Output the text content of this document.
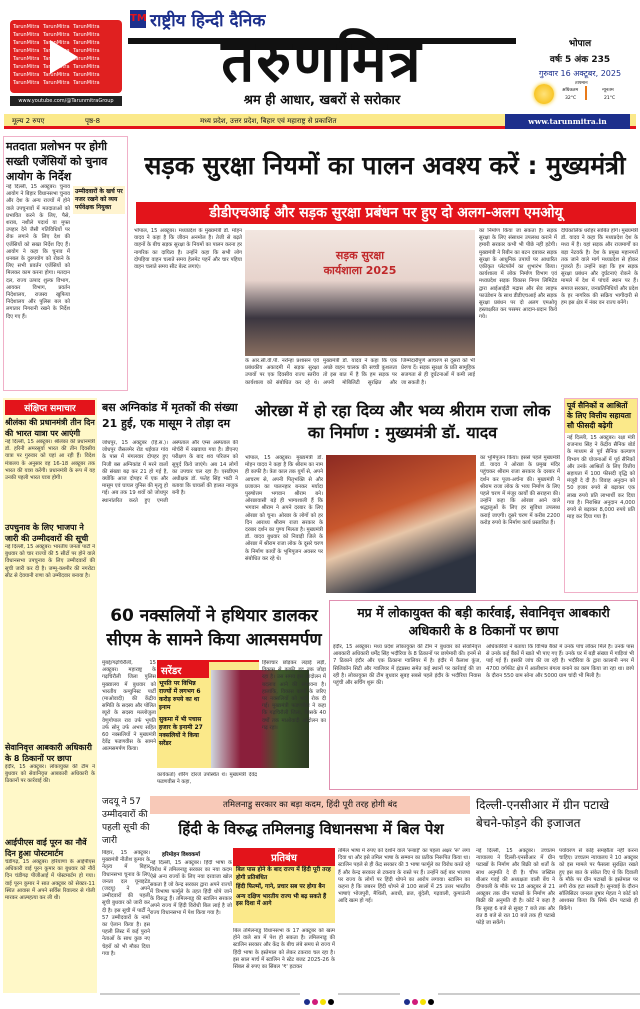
TarunMitra TarunMitra TarunMitra TarunMitra TarunMitra TarunMitra TarunMitra TarunMitra TarunMitra TarunMitra TarunMitra TarunMitra TarunMitra TarunMitra TarunMitra TarunMitra TarunMitra TarunMitra TarunMitra TarunMitra TarunMitra TarunMitra TarunMitra TarunMitra
www.youtube.com/@TarunmitraGroup
TM राष्ट्रीय हिन्दी दैनिक
तरुणमित्र
श्रम ही आधार, खबरों से सरोकार
भोपाल
वर्षः 5 अंक 235
गुरुवार 16 अक्टूबर, 2025
तापमान
अधिकतम
32°C
न्यूनतम
21°C
मूल्य 2 रुपए	पृष्ठ-8	मध्य प्रदेश, उत्तर प्रदेश, बिहार एवं महाराष्ट्र से प्रकाशित	www.tarunmitra.in
मतदाता प्रलोभन पर होगी सख्ती एजेंसियों को चुनाव आयोग के निर्देश
उम्मीदवारों के खर्च पर नजर रखने को व्यय पर्यवेक्षक नियुक्त
नई दिल्ली, 15 अक्टूबर। चुनाव आयोग ने बिहार विधानसभा चुनाव और देश के अन्य राज्यों में होने वाले उपचुनावों में मतदाताओं को प्रभावित करने के लिए, पैसे, शराब, नशीले पदार्थ या मुफ्त उपहार देने जैसी गतिविधियों पर रोक लगाने के लिए देश की एजेंसियों को सख्त निर्देश दिए हैं। आयोग ने कहा कि चुनाव में धनबल के दुरुपयोग को रोकने के लिए सभी प्रवर्तन एजेंसियों को मिलकर काम करना होगा। मतदान दल, राज्य उत्पाद शुल्क विभाग, आयकर विभाग, प्रवर्तन निदेशालय, राजस्व खुफिया निदेशालय और पुलिस बल को लगातार निगरानी रखने के निर्देश दिए गए हैं।
सड़क सुरक्षा नियमों का पालन अवश्य करें : मुख्यमंत्री
डीडीएचआई और सड़क सुरक्षा प्रबंधन पर हुए दो अलग-अलग एमओयू
भोपाल, 15 अक्टूबर। मध्यप्रदेश के मुख्यमंत्री डॉ. मोहन यादव ने कहा है कि जीवन अनमोल है। तेजी से बढ़ते वाहनों के बीच सड़क सुरक्षा के नियमों का पालन करना हर नागरिक का दायित्व है। उन्होंने कहा कि सभी लोग दोपहिया वाहन चलाते समय हेलमेट पहनें और चार पहिया वाहन चलाते समय सीट बेल्ट लगाएं।
सड़क सुरक्षा कार्यशाला 2025
के आर.सी.वी.पी. नरोन्हा प्रशासन एवं प्रबंधकीय अकादमी में सड़क सुरक्षा उपायों पर एक दिवसीय राज्य स्तरीय कार्यशाला को संबोधित कर रहे थे। मुख्यमंत्री डॉ. यादव ने कहा कि एक अच्छे वाहन चालक की सच्ची कुशलता तो इस बात में है कि हम सड़क पर अपनी मोबिलिटी सुरक्षित और जिम्मेदारीपूर्ण आचरण से दूसरों को भी प्रेरणा दें। सड़क सुरक्षा के प्रति सामूहिक सजगता से ही दुर्घटनाओं में कमी लाई जा सकती है।
का निर्माण किया जा सकता है। सड़क सुरक्षा के लिए संसाधन उपलब्ध कराने में हमारी सरकार कभी भी पीछे नहीं हटेगी। मुख्यमंत्री ने रिबीन का बटन दबाकर सड़क सुरक्षा के आधुनिक उपायों पर आधारित एकीकृत प्लेटफॉर्म का शुभारंभ किया। कार्यशाला में लोक निर्माण विभाग एवं मध्यप्रदेश सड़क विकास निगम लिमिटेड द्वारा आईआईटी मद्रास और सेव लाइफ फाउंडेशन के साथ डीडीएचआई और सड़क सुरक्षा प्रबंधन पर दो अलग एमओयू हस्ताक्षरित कर परस्पर आदान-प्रदान किये गये।
दीर्घकालिक धरोहर साबित होंगे। मुख्यमंत्री डॉ. यादव ने कहा कि मध्यप्रदेश देश के मध्य में है। यहां सड़क और राजमार्गों का बड़ा नेटवर्क है। देश के प्रमुख महानगरों तक जाने वाले मार्ग मध्यप्रदेश से होकर गुजरते हैं। उन्होंने कहा कि हम सड़क सुरक्षा प्रबंधन और दुर्घटनाएं रोकने के मामले में देश में पांचवें स्थान पर हैं। समाज सरकार, जनप्रतिनिधियों और प्रदेश के हर नागरिक की सक्रिय भागीदारी से हम इस क्षेत्र में नंबर वन राज्य बनेंगे।
संक्षिप्त समाचार
श्रीलंका की प्रधानमंत्री तीन दिन की भारत यात्रा पर आएंगी
नई दिल्ली, 15 अक्टूबर। श्रीलंका की प्रधानमंत्री डॉ. हरिनी अमरसूर्या भारत की तीन दिवसीय यात्रा पर गुरुवार को यहां आ रही हैं। विदेश मंत्रालय के अनुसार वह 16-18 अक्टूबर तक भारत की यात्रा करेंगी। प्रधानमंत्री के रूप में यह उनकी पहली भारत यात्रा होगी।
उपचुनाव के लिए भाजपा ने जारी की उम्मीदवारों की सूची
नई दिल्ली, 15 अक्टूबर। भारतीय जनता पार्टी ने बुधवार को चार राज्यों की 5 सीटों पर होने वाले विधानसभा उपचुनाव के लिए उम्मीदवारों की सूची जारी कर दी है। जम्मू-कश्मीर की नगरोटा सीट से देवयानी राणा को उम्मीदवार बनाया है।
सेवानिवृत्त आबकारी अधिकारी के 8 ठिकानों पर छापा
इंदौर, 15 अक्टूबर। लोकायुक्त की टीम ने बुधवार को सेवानिवृत्त आबकारी अधिकारी के ठिकानों पर कार्रवाई की।
आईपीएस वाई पूरन का नौवें दिन हुआ पोस्टमार्टम
चंडीगढ़, 15 अक्टूबर। हरियाणा के आईपीएस अधिकारी वाई पूरन कुमार का बुधवार को नौवें दिन चंडीगढ़ पीजीआई में पोस्टमार्टम हो गया। वाई पूरन कुमार ने सात अक्टूबर को सेक्टर-11 स्थित आवास में अपने सर्विस रिवाल्वर से गोली मारकर आत्महत्या कर ली थी।
बस अग्निकांड में मृतकों की संख्या 21 हुई, एक मासूम ने तोड़ा दम
जोधपुर, 15 अक्टूबर (हि.स.)। जोधपुर जैसलमेर रोड थईयात गांव के पास में मंगलवार दोपहर हुए निजी बस अग्निकांड में मरने वालों की संख्या बढ़ कर 21 हो गई है, क्योंकि आज दोपहर में एक और मासूम एवं घायल युनिस की मृत्यु हो गई। अब तक 19 शवों को जोधपुर स्थानांतरित करते हुए एमजी अस्पताल और एम्स अस्पताल की मोर्चरी में रखवाया गया है। डीएनए परीक्षण के बाद शव परिजन को सुपुर्द किये जाएंगे। अब 14 लोगों का उपचार चल रहा है। एसडीएम अधीक्षक डॉ. फतेह सिंह भाटी ने बताया कि घायलों की हालत नाजुक बनी है।
ओरछा में हो रहा दिव्य और भव्य श्रीराम राजा लोक का निर्माण : मुख्यमंत्री डॉ. यादव
भोपाल, 15 अक्टूबर। मुख्यमंत्री डॉ. मोहन यादव ने कहा है कि श्रीराम का नाम ही काफी है। त्रेता काल तक युगों से, अपने आचरण से, अपनी पितृभक्ति से और प्रजाजन का पालनहार बनकर मर्यादा पुरुषोत्तम भगवान श्रीराम बने। ओरछावासी बड़े ही भाग्यशाली हैं कि भगवान श्रीराम ने अपने दरबार के लिए ओरछा को चुना। ओरछा के लोगों को हर दिन आराध्य श्रीराम राजा सरकार के दरबार दर्शन का पुण्य मिलता है। मुख्यमंत्री डॉ. यादव बुधवार को निवाड़ी जिले के ओरछा में श्रीराम राजा लोक के दूसरे चरण के निर्माण कार्यों के भूमिपूजन अवसर पर संबोधित कर रहे थे।
का भूमिपूजन किया। इससे पहले मुख्यमंत्री डॉ. यादव ने ओरछा के प्रमुख मंदिर पहुंचकर श्रीराम राजा सरकार के दरबार में दर्शन कर पूजा-अर्चना की। मुख्यमंत्री ने श्रीराम राजा लोक के भव्य निर्माण के लिए पहले चरण में मंजूर कार्यों की सराहना की। उन्होंने कहा कि ओरछा आने वाले श्रद्धालुओं के लिए हर सुविधा उपलब्ध कराई जाएगी। दूसरे चरण में करीब 2200 करोड़ रुपये के निर्माण कार्य प्रस्तावित हैं।
पूर्व सैनिकों व आश्रितों के लिए वित्तीय सहायता सौ फीसदी बढ़ेगी
नई दिल्ली, 15 अक्टूबर। रक्षा मंत्री राजनाथ सिंह ने केंद्रीय सैनिक बोर्ड के माध्यम से पूर्व सैनिक कल्याण विभाग की योजनाओं में पूर्व सैनिकों और उनके आश्रितों के लिए वित्तीय सहायता में 100 फीसदी वृद्धि को मंजूरी दे दी है। विवाह अनुदान को 50 हजार रुपये से बढ़ाकर एक लाख रुपये प्रति लाभार्थी कर दिया गया है। निराश्रित अनुदान 4,000 रुपये से बढ़ाकर 8,000 रुपये प्रति माह कर दिया गया है।
60 नक्सलियों ने हथियार डालकर सीएम के सामने किया आत्मसमर्पण
मुंबई/गढ़चिरौली, 15 अक्टूबर। महाराष्ट्र के गढ़चिरौली जिला पुलिस मुख्यालय में बुधवार को भारतीय कम्युनिस्ट पार्टी (माओवादी) की केंद्रीय समिति के सदस्य और पोलित ब्यूरो के सदस्य मल्लोजुला वेणुगोपाल राव उर्फ भूपति उर्फ सोनू उर्फ अभय सहित 60 नक्सलियों ने मुख्यमंत्री देवेंद्र फडणवीस के सामने आत्मसमर्पण किया।
सरेंडर
भूपति पर विभिन्न राज्यों में लगभग 6 करोड़ रुपये का था इनाम
सुकमा में भी पचास हजार के इनामी 27 नक्सलियों ने किया सरेंडर
कार्यकर्ता) शेरिंग दोरजे उपस्थित थे। मुख्यमंत्री देवेंद्र फडणवीस ने कहा,
हिंसाचार छोड़कर लड़ाई लड़ी, विकास से काफी हद तक जोड़ा रहा है। उस समय इस आंदोलन में बदलाव आने की संभावना है। हालांकि, विकास कार्यों के जरिए पर नक्सलियों को भारी रोक दी गई। मुख्यमंत्री फडणवीस ने कहा कि गढ़चिरौली जिला, जिसके 40 वर्षों तक माओवादी आंदोलन का गढ़ रहा।
मप्र में लोकायुक्त की बड़ी कार्रवाई, सेवानिवृत्त आबकारी अधिकारी के 8 ठिकानों पर छापा
इंदौर, 15 अक्टूबर। मध्य प्रदेश लोकायुक्त की टीम ने बुधवार को सेवानिवृत्त आबकारी अधिकारी धर्मेंद्र सिंह भदौरिया के 8 ठिकानों पर छापेमारी की। इनमें से 7 ठिकाने इंदौर और एक ठिकाना ग्वालियर में है। इंदौर में कैलाश कुंज, सिलिकॉन सिटी और ग्वालियर में इंद्रप्रस्थ समेत कई स्थानों पर कार्रवाई की जा रही है। लोकायुक्त की टीम बुधवार सुबह सबसे पहले इंदौर के भदौरिया निवास पहुंची और सर्चिंग शुरू की।
अधिकारियों ने बताया कि विभिन्न बैंकों में उनके पांच लॉकर मिले हैं। उनके पास से उनके कई बैंकों में खाते भी पाए गए हैं। उनके घर में बड़ी संख्या में गाड़ियां भी पाई गई हैं। इसकी जांच की जा रही है। भदौरिया के द्वारा कालानी नगर में 4700 वर्गफीट क्षेत्र में आलीशान बंगला बनाने का काम किया जा रहा था। छापे के दौरान 550 ग्राम सोना और 5000 ग्राम चांदी भी मिली है।
जदयू ने 57 उम्मीदवारों की पहली सूची की जारी
बिहार, 15 अक्टूबर। मुख्यमंत्री नीतीश कुमार के नेतृत्व में बिहार विधानसभा चुनाव के लिए जनता दल यूनाइटेड (जदयू) ने अपने उम्मीदवारों की पहली सूची बुधवार को जारी कर दी है। इस सूची में पार्टी ने 57 उम्मीदवारों के नामों का ऐलान किया है। इस पहली लिस्ट में कई पुराने नेताओं के साथ कुछ नए चेहरों को भी मौका दिया गया है।
तमिलनाडु सरकार का बड़ा कदम, हिंदी पूरी तरह होगी बंद
हिंदी के विरुद्ध तमिलनाडु विधानसभा में बिल पेश
हरिमोहन विश्वकर्मा
नई दिल्ली, 15 अक्टूबर। हिंदी भाषा के विरोध में तमिलनाडु सरकार का नया कदम ऐसे अन्य राज्यों के लिए नया दरवाजा खोल सकता है जो केन्द्र सरकार द्वारा अपने राज्यों में त्रिभाषा फार्मूले के तहत हिंदी थोपे जाने के विरुद्ध हैं। तमिलनाडु की स्टालिन सरकार अपने राज्य में हिंदी विरोधी बिल लाई है जो राज्य विधानसभा में पेश किया गया है।
प्रतिबंध
बिल पास होने के बाद राज्य में हिंदी पूरी तरह होगी प्रतिबंधित
हिंदी फिल्मों, गाने, प्रचार सब पर होगा बैन
अन्य दक्षिण भारतीय राज्य भी बढ़ सकते हैं इस दिशा में आगे
बिल तमिलनाडु विधानसभा के 17 अक्टूबर को खत्म होने वाले सत्र में पेश हो सकता है। तमिलनाडु की स्टालिन सरकार और केंद्र के बीच लंबे समय से राज्य में हिंदी भाषा के इस्तेमाल को लेकर टकराव चल रहा है। इस साल मार्च में स्टालिन ने स्टेट बजट 2025-26 के सिंबल से रुपए का सिंबल '₹' हटाकर
तमिल भाषा में रुपए को दर्शाने वाले 'रूबाई' का पहला अक्षर 'रू' लगा दिया था और इसे तमिल भाषा के सम्मान का प्रतीक निरूपित किया था। स्टालिन पहले से ही केंद्र सरकार की 3 भाषा फार्मूले का विरोध करते रहे हैं और केन्द्र सरकार से टकराव के रास्ते पर हैं। उन्होंने कई बार भाजपा पर राज्य के लोगों पर हिंदी थोपने का आरोप लगाया। स्टालिन का कहना है कि जबरन हिंदी थोपने से 100 सालों में 25 उत्तर भारतीय भाषाएं भोजपुरी, मैथिली, अवधी, ब्रज, बुंदेली, गढ़वाली, कुमाऊंनी आदि खत्म हो गईं।
दिल्ली-एनसीआर में ग्रीन पटाखे बेचने-फोड़ने की इजाजत
नई दिल्ली, 15 अक्टूबर। उच्चतम न्यायालय ने दिल्ली-एनसीआर में ग्रीन पटाखों के निर्माण और बिक्री को शर्तों के साथ अनुमति दे दी है। चीफ जस्टिस बीआर गवई की अध्यक्षता वाली बेंच ने दीपावली के मौके पर 18 अक्टूबर से 21 अक्टूबर तक ग्रीन पटाखों के निर्माण और बिक्री की अनुमति दी है। कोर्ट ने कहा है कि सुबह 6 बजे से सुबह 7 बजे तक और रात 8 बजे से रात 10 बजे तक ही पटाखे फोड़े जा सकेंगे।
पर्यावरण से कोई समझौता नहीं करना चाहिए। उच्चतम न्यायालय ने 10 अक्टूबर को इस मामले पर फैसला सुरक्षित रखते हुए इस बात के संकेत दिए थे कि दिवाली के मौके पर ग्रीन पटाखों के इस्तेमाल पर लगी रोक हटा सकती है। सुनवाई के दौरान सॉलिसिटर जनरल तुषार मेहता ने कोर्ट को आश्वस्त किया कि सिर्फ ग्रीन पटाखे ही बिकेंगे।
